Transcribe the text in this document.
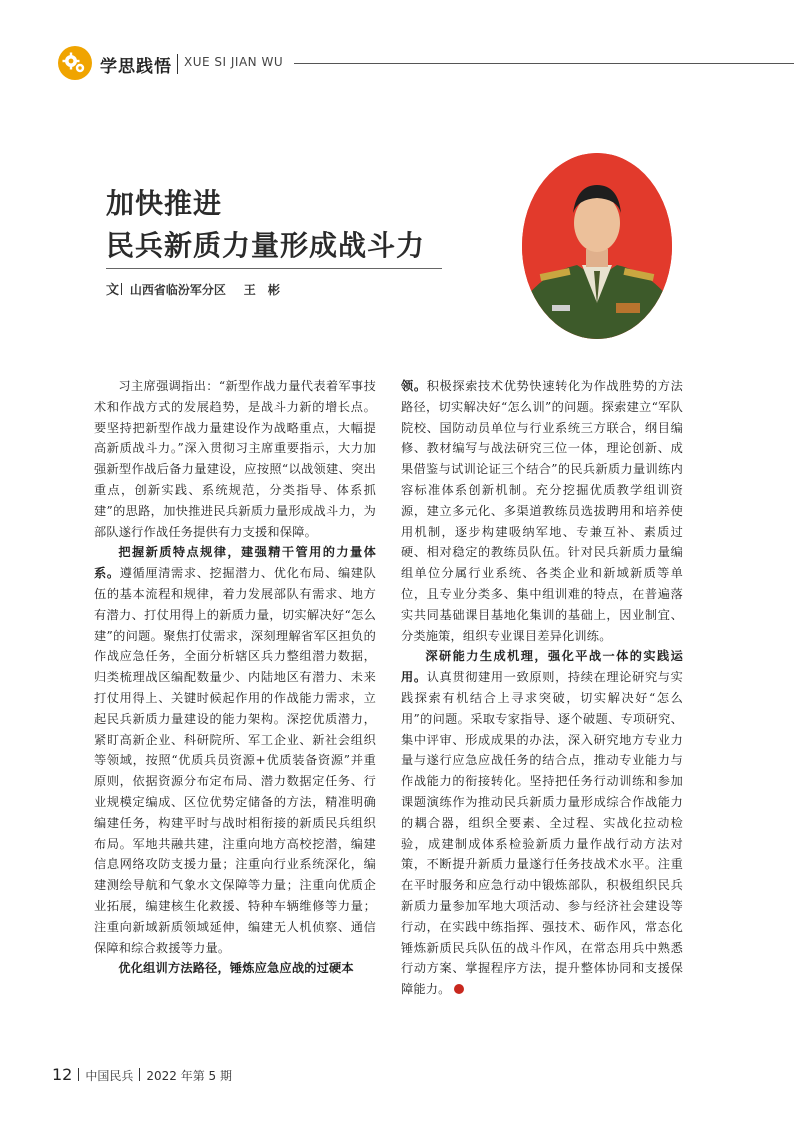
学思践悟 XUE SI JIAN WU
加快推进
民兵新质力量形成战斗力
文 山西省临汾军分区 王 彬

习主席强调指出：“新型作战力量代表着军事技术和作战方式的发展趋势，是战斗力新的增长点。要坚持把新型作战力量建设作为战略重点，大幅提高新质战斗力。”深入贯彻习主席重要指示，大力加强新型作战后备力量建设，应按照“以战领建、突出重点，创新实践、系统规范，分类指导、体系抓建”的思路，加快推进民兵新质力量形成战斗力，为部队遂行作战任务提供有力支援和保障。

把握新质特点规律，建强精干管用的力量体系。遵循厘清需求、挖掘潜力、优化布局、编建队伍的基本流程和规律，着力发展部队有需求、地方有潜力、打仗用得上的新质力量，切实解决好“怎么建”的问题。聚焦打仗需求，深刻理解省军区担负的作战应急任务，全面分析辖区兵力整组潜力数据，归类梳理战区编配数量少、内陆地区有潜力、未来打仗用得上、关键时候起作用的作战能力需求，立起民兵新质力量建设的能力架构。深挖优质潜力，紧盯高新企业、科研院所、军工企业、新社会组织等领域，按照“优质兵员资源+优质装备资源”并重原则，依据资源分布定布局、潜力数据定任务、行业规模定编成、区位优势定储备的方法，精准明确编建任务，构建平时与战时相衔接的新质民兵组织布局。军地共融共建，注重向地方高校挖潜，编建信息网络攻防支援力量；注重向行业系统深化，编建测绘导航和气象水文保障等力量；注重向优质企业拓展，编建核生化救援、特种车辆维修等力量；注重向新域新质领域延伸，编建无人机侦察、通信保障和综合救援等力量。

优化组训方法路径，锤炼应急应战的过硬本

领。积极探索技术优势快速转化为作战胜势的方法路径，切实解决好“怎么训”的问题。探索建立“军队院校、国防动员单位与行业系统三方联合，纲目编修、教材编写与战法研究三位一体，理论创新、成果借鉴与试训论证三个结合”的民兵新质力量训练内容标准体系创新机制。充分挖掘优质教学组训资源，建立多元化、多渠道教练员选拔聘用和培养使用机制，逐步构建吸纳军地、专兼互补、素质过硬、相对稳定的教练员队伍。针对民兵新质力量编组单位分属行业系统、各类企业和新域新质等单位，且专业分类多、集中组训难的特点，在普遍落实共同基础课目基地化集训的基础上，因业制宜、分类施策，组织专业课目差异化训练。

深研能力生成机理，强化平战一体的实践运用。认真贯彻建用一致原则，持续在理论研究与实践探索有机结合上寻求突破，切实解决好“怎么用”的问题。采取专家指导、逐个破题、专项研究、集中评审、形成成果的办法，深入研究地方专业力量与遂行应急应战任务的结合点，推动专业能力与作战能力的衔接转化。坚持把任务行动训练和参加课题演练作为推动民兵新质力量形成综合作战能力的耦合器，组织全要素、全过程、实战化拉动检验，成建制成体系检验新质力量作战行动方法对策，不断提升新质力量遂行任务技战术水平。注重在平时服务和应急行动中锻炼部队，积极组织民兵新质力量参加军地大项活动、参与经济社会建设等行动，在实践中练指挥、强技术、砺作风，常态化锤炼新质民兵队伍的战斗作风，在常态用兵中熟悉行动方案、掌握程序方法，提升整体协同和支援保障能力。

12 中国民兵 2022 年第 5 期
